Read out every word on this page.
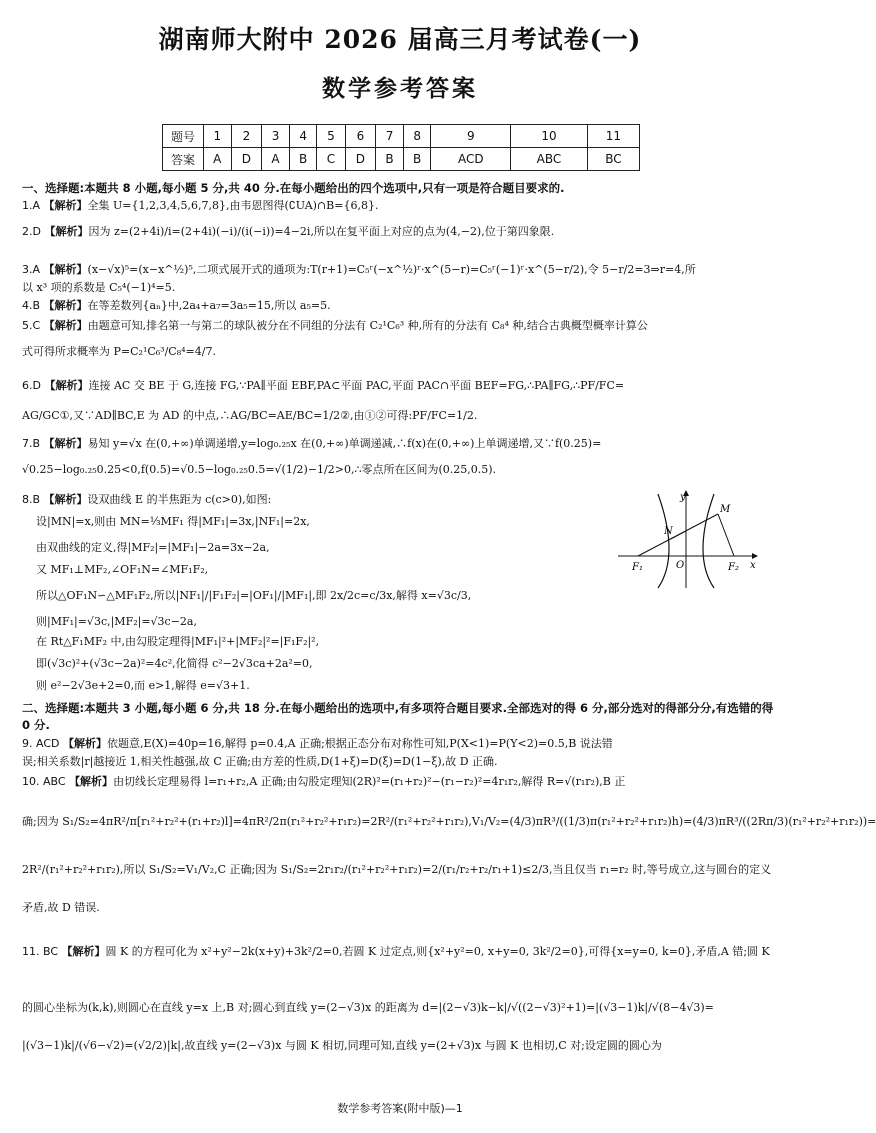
湖南师大附中 2026 届高三月考试卷(一)
数学参考答案
题号	1	2	3	4	5	6	7	8	9	10	11
答案	A	D	A	B	C	D	B	B	ACD	ABC	BC
一、选择题:本题共 8 小题,每小题 5 分,共 40 分.在每小题给出的四个选项中,只有一项是符合题目要求的.
1.A 【解析】全集 U={1,2,3,4,5,6,7,8},由韦恩图得(∁UA)∩B={6,8}.
2.D 【解析】因为 z=(2+4i)/i=(2+4i)(−i)/(i(−i))=4−2i,所以在复平面上对应的点为(4,−2),位于第四象限.
3.A 【解析】(x−√x)⁵=(x−x^½)⁵,二项式展开式的通项为:T(r+1)=C₅ʳ(−x^½)ʳ·x^(5−r)=C₅ʳ(−1)ʳ·x^(5−r/2),令 5−r/2=3⇒r=4,所
以 x³ 项的系数是 C₅⁴(−1)⁴=5.
4.B 【解析】在等差数列{aₙ}中,2a₄+a₇=3a₅=15,所以 a₅=5.
5.C 【解析】由题意可知,排名第一与第二的球队被分在不同组的分法有 C₂¹C₆³ 种,所有的分法有 C₈⁴ 种,结合古典概型概率计算公
式可得所求概率为 P=C₂¹C₆³/C₈⁴=4/7.
6.D 【解析】连接 AC 交 BE 于 G,连接 FG,∵PA∥平面 EBF,PA⊂平面 PAC,平面 PAC∩平面 BEF=FG,∴PA∥FG,∴PF/FC=
AG/GC①,又∵AD∥BC,E 为 AD 的中点,∴AG/BC=AE/BC=1/2②,由①②可得:PF/FC=1/2.
7.B 【解析】易知 y=√x 在(0,+∞)单调递增,y=log₀.₂₅x 在(0,+∞)单调递减,∴f(x)在(0,+∞)上单调递增,又∵f(0.25)=
√0.25−log₀.₂₅0.25<0,f(0.5)=√0.5−log₀.₂₅0.5=√(1/2)−1/2>0,∴零点所在区间为(0.25,0.5).
8.B 【解析】设双曲线 E 的半焦距为 c(c>0),如图:
设|MN|=x,则由 MN=⅓MF₁ 得|MF₁|=3x,|NF₁|=2x,
由双曲线的定义,得|MF₂|=|MF₁|−2a=3x−2a,
又 MF₁⊥MF₂,∠OF₁N=∠MF₁F₂,
所以△OF₁N∽△MF₁F₂,所以|NF₁|/|F₁F₂|=|OF₁|/|MF₁|,即 2x/2c=c/3x,解得 x=√3c/3,
则|MF₁|=√3c,|MF₂|=√3c−2a,
在 Rt△F₁MF₂ 中,由勾股定理得|MF₁|²+|MF₂|²=|F₁F₂|²,
即(√3c)²+(√3c−2a)²=4c²,化简得 c²−2√3ca+2a²=0,
则 e²−2√3e+2=0,而 e>1,解得 e=√3+1.
y
x
O
F₁	F₂
M
N
二、选择题:本题共 3 小题,每小题 6 分,共 18 分.在每小题给出的选项中,有多项符合题目要求.全部选对的得 6 分,部分选对的得部分分,有选错的得 0 分.
9. ACD 【解析】依题意,E(X)=40p=16,解得 p=0.4,A 正确;根据正态分布对称性可知,P(X<1)=P(Y<2)=0.5,B 说法错
误;相关系数|r|越接近 1,相关性越强,故 C 正确;由方差的性质,D(1+ξ)=D(ξ)=D(1−ξ),故 D 正确.
10. ABC 【解析】由切线长定理易得 l=r₁+r₂,A 正确;由勾股定理知(2R)²=(r₁+r₂)²−(r₁−r₂)²=4r₁r₂,解得 R=√(r₁r₂),B 正
确;因为 S₁/S₂=4πR²/π[r₁²+r₂²+(r₁+r₂)l]=4πR²/2π(r₁²+r₂²+r₁r₂)=2R²/(r₁²+r₂²+r₁r₂),V₁/V₂=(4/3)πR³/((1/3)π(r₁²+r₂²+r₁r₂)h)=(4/3)πR³/((2Rπ/3)(r₁²+r₂²+r₁r₂))=
2R²/(r₁²+r₂²+r₁r₂),所以 S₁/S₂=V₁/V₂,C 正确;因为 S₁/S₂=2r₁r₂/(r₁²+r₂²+r₁r₂)=2/(r₁/r₂+r₂/r₁+1)≤2/3,当且仅当 r₁=r₂ 时,等号成立,这与圆台的定义
矛盾,故 D 错误.
11. BC 【解析】圆 K 的方程可化为 x²+y²−2k(x+y)+3k²/2=0,若圆 K 过定点,则{x²+y²=0, x+y=0, 3k²/2=0},可得{x=y=0, k=0},矛盾,A 错;圆 K
的圆心坐标为(k,k),则圆心在直线 y=x 上,B 对;圆心到直线 y=(2−√3)x 的距离为 d=|(2−√3)k−k|/√((2−√3)²+1)=|(√3−1)k|/√(8−4√3)=
|(√3−1)k|/(√6−√2)=(√2/2)|k|,故直线 y=(2−√3)x 与圆 K 相切,同理可知,直线 y=(2+√3)x 与圆 K 也相切,C 对;设定圆的圆心为
数学参考答案(附中版)—1
